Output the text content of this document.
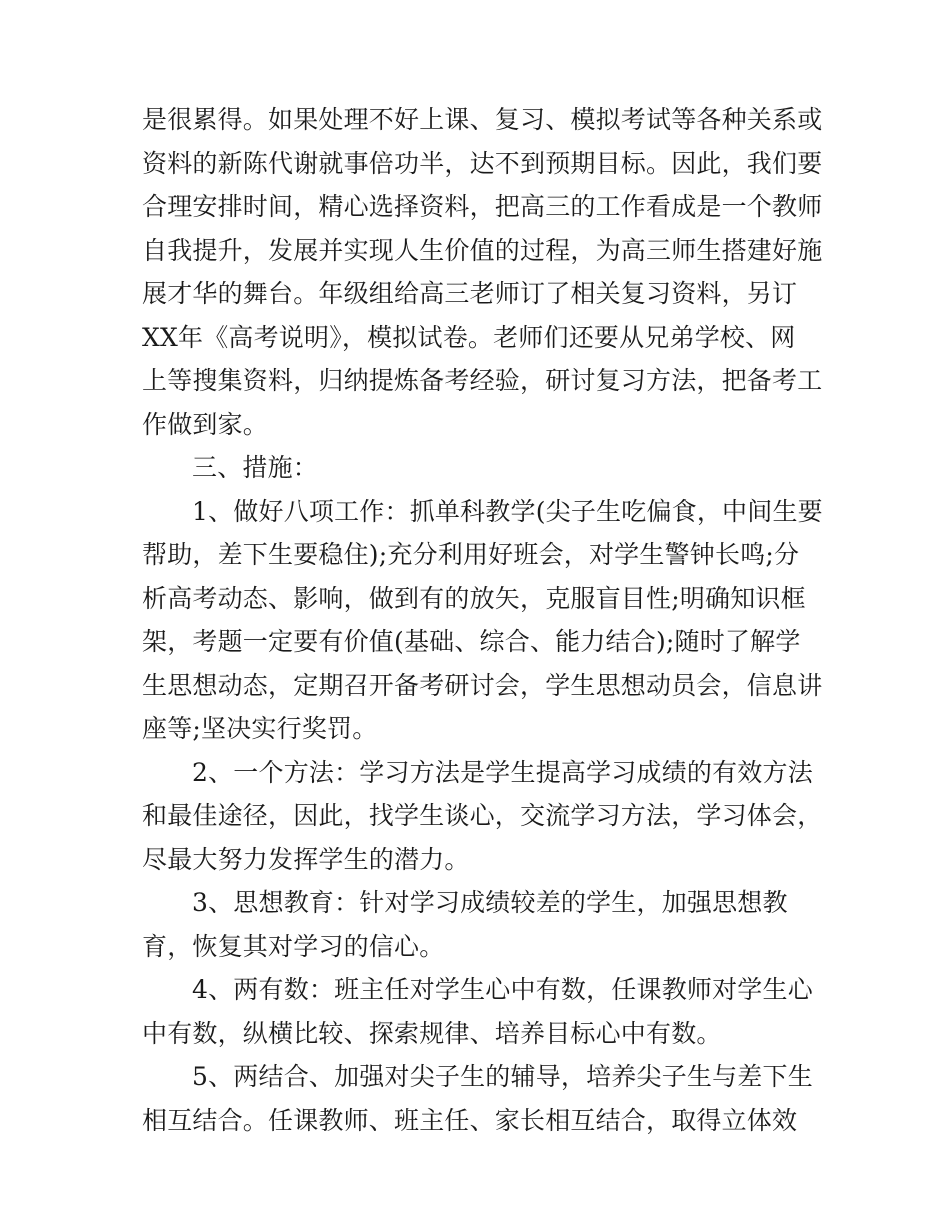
是很累得。如果处理不好上课、复习、模拟考试等各种关系或
资料的新陈代谢就事倍功半，达不到预期目标。因此，我们要
合理安排时间，精心选择资料，把高三的工作看成是一个教师
自我提升，发展并实现人生价值的过程，为高三师生搭建好施
展才华的舞台。年级组给高三老师订了相关复习资料，另订
XX年《高考说明》，模拟试卷。老师们还要从兄弟学校、网
上等搜集资料，归纳提炼备考经验，研讨复习方法，把备考工
作做到家。
三、措施：
1、做好八项工作：抓单科教学(尖子生吃偏食，中间生要
帮助，差下生要稳住);充分利用好班会，对学生警钟长鸣;分
析高考动态、影响，做到有的放矢，克服盲目性;明确知识框
架，考题一定要有价值(基础、综合、能力结合);随时了解学
生思想动态，定期召开备考研讨会，学生思想动员会，信息讲
座等;坚决实行奖罚。
2、一个方法：学习方法是学生提高学习成绩的有效方法
和最佳途径，因此，找学生谈心，交流学习方法，学习体会，
尽最大努力发挥学生的潜力。
3、思想教育：针对学习成绩较差的学生，加强思想教
育，恢复其对学习的信心。
4、两有数：班主任对学生心中有数，任课教师对学生心
中有数，纵横比较、探索规律、培养目标心中有数。
5、两结合、加强对尖子生的辅导，培养尖子生与差下生
相互结合。任课教师、班主任、家长相互结合，取得立体效
